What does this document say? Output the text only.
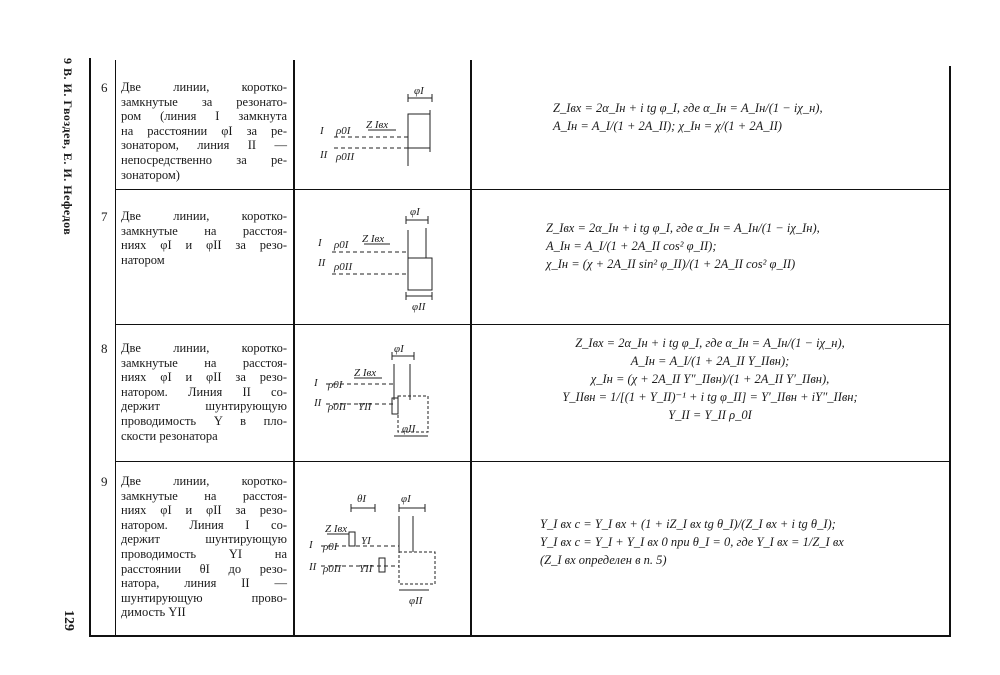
9 В. И. Гвоздев, Е. И. Нефедов
129
6 Две линии, коротко-
замкнутые за резонато-
ром (линия I замкнута
на расстоянии φI за ре-
зонатором, линия II —
непосредственно за ре-
зонатором)
φI
Z Iвх
I ρ0I
II ρ0II
Z_Iвх = 2α_Iн + i tg φ_I, где α_Iн = A_Iн/(1 − iχ_н),
A_Iн = A_I/(1 + 2A_II); χ_Iн = χ/(1 + 2A_II)
7 Две линии, коротко-
замкнутые на расстоя-
ниях φI и φII за резо-
натором
φI
Z Iвх
I ρ0I
II ρ0II
φII
Z_Iвх = 2α_Iн + i tg φ_I, где α_Iн = A_Iн/(1 − iχ_Iн),
A_Iн = A_I/(1 + 2A_II cos² φ_II);
χ_Iн = (χ + 2A_II sin² φ_II)/(1 + 2A_II cos² φ_II)
8 Две линии, коротко-
замкнутые на расстоя-
ниях φI и φII за резо-
натором. Линия II со-
держит шунтирующую
проводимость Y в пло-
скости резонатора
φI
Z Iвх
I ρ0I
II ρ0II YII
φII
Z_Iвх = 2α_Iн + i tg φ_I, где α_Iн = A_Iн/(1 − iχ_н),
A_Iн = A_I/(1 + 2A_II Y_IIвн);
χ_Iн = (χ + 2A_II Y″_IIвн)/(1 + 2A_II Y′_IIвн),
Y_IIвн = 1/[(1 + Y_II)⁻¹ + i tg φ_II] = Y′_IIвн + iY″_IIвн;
Y_II = Y_II ρ_0I
9 Две линии, коротко-
замкнутые на расстоя-
ниях φI и φII за резо-
натором. Линия I со-
держит шунтирующую
проводимость YI на
расстоянии θI до резо-
натора, линия II —
шунтирующую прово-
димость YII
θI	φI
Z Iвх
I ρ0I YI
II ρ0II YII
φII
Y_I вх с = Y_I вх + (1 + iZ_I вх tg θ_I)/(Z_I вх + i tg θ_I);
Y_I вх с = Y_I + Y_I вх 0 при θ_I = 0, где Y_I вх = 1/Z_I вх
(Z_I вх определен в п. 5)
